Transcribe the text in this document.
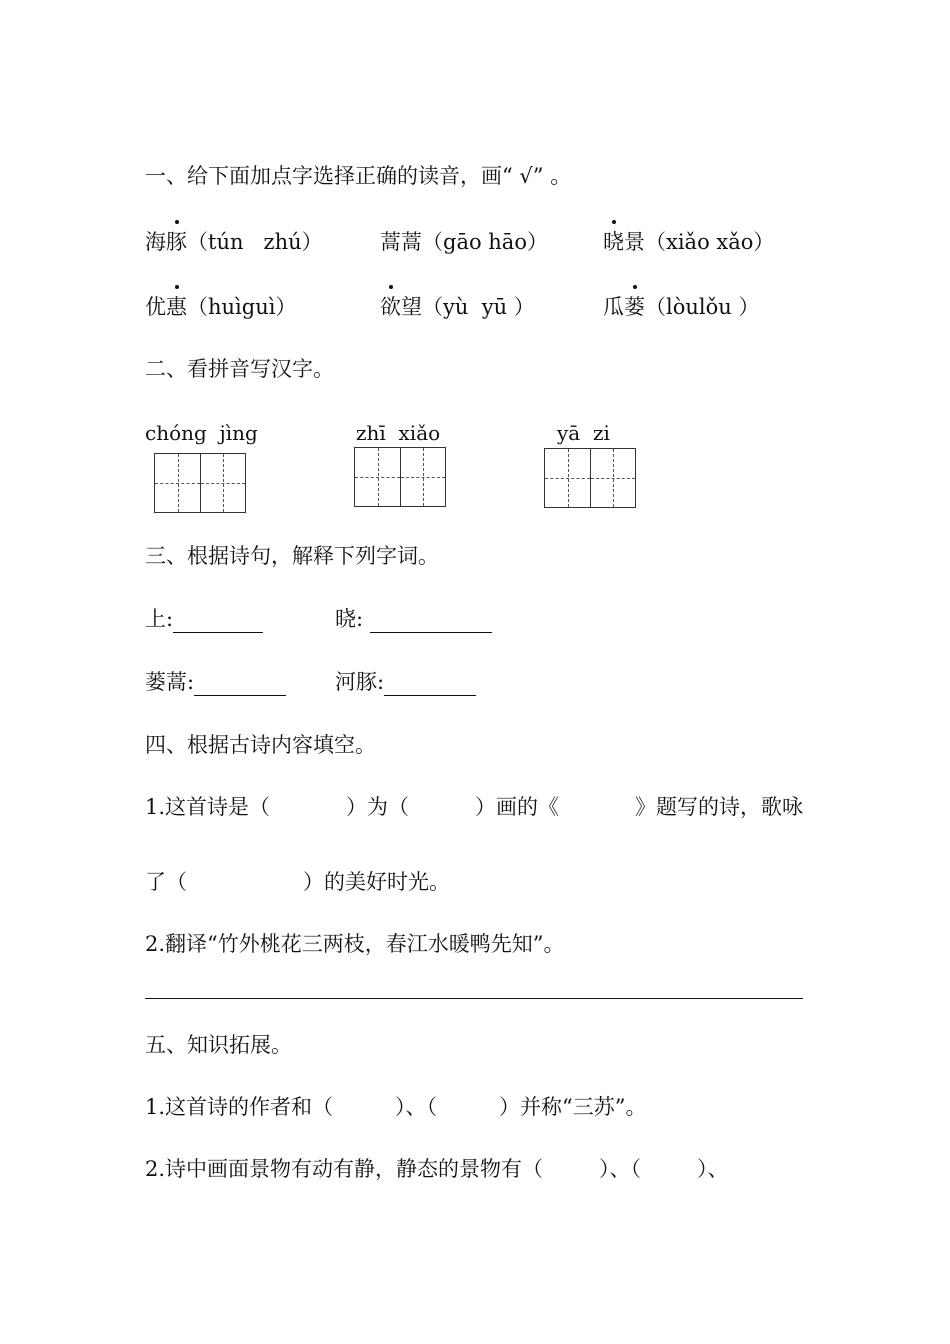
一、给下面加点字选择正确的读音，画“ √” 。
海豚（tún   zhú）	蒿蒿（gāo hāo）	晓景（xiǎo xǎo）
优惠（huìguì）	欲望（yù  yū ）	瓜蒌（lòulǒu ）
二、看拼音写汉字。
chóng  jìng	zhī  xiǎo	yā  zi
三、根据诗句，解释下列字词。
上:	晓:
蒌蒿:	河豚:
四、根据古诗内容填空。
1.这首诗是（	）为（	）画的《	》题写的诗，歌咏
了（	）的美好时光。
2.翻译“竹外桃花三两枝，春江水暖鸭先知”。
五、知识拓展。
1.这首诗的作者和（	）、（	）并称“三苏”。
2.诗中画面景物有动有静，静态的景物有（	）、（	）、
